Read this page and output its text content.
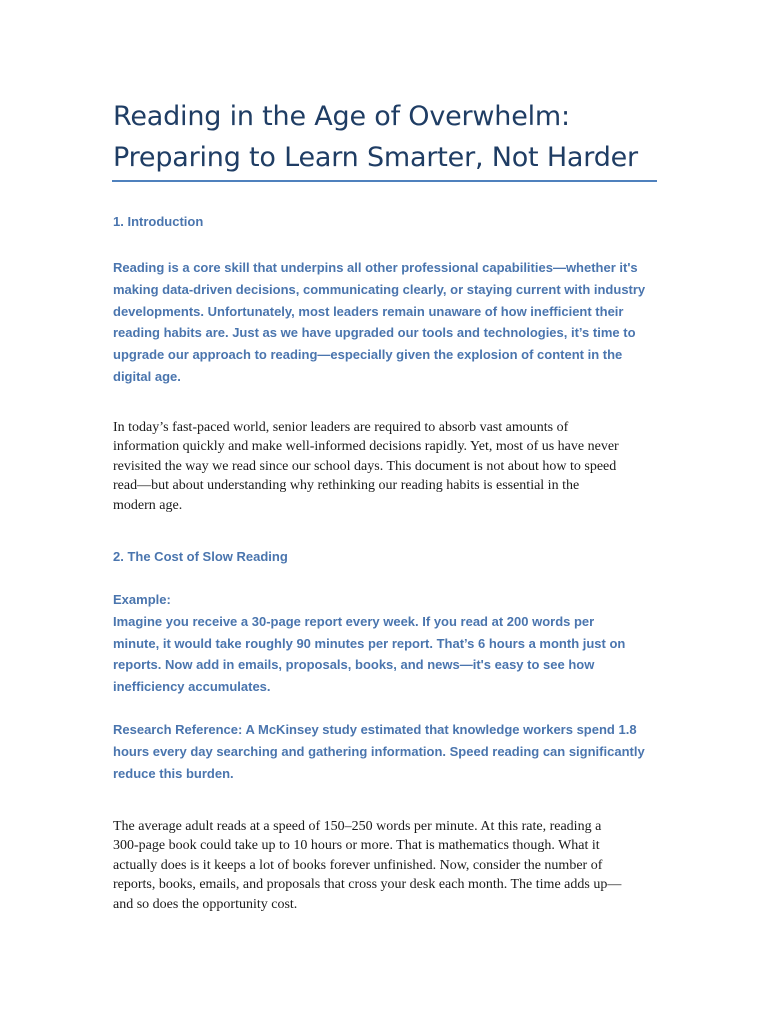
Reading in the Age of Overwhelm:
Preparing to Learn Smarter, Not Harder
1. Introduction

Reading is a core skill that underpins all other professional capabilities—whether it's
making data-driven decisions, communicating clearly, or staying current with industry
developments. Unfortunately, most leaders remain unaware of how inefficient their
reading habits are. Just as we have upgraded our tools and technologies, it’s time to
upgrade our approach to reading—especially given the explosion of content in the
digital age.

In today’s fast-paced world, senior leaders are required to absorb vast amounts of
information quickly and make well-informed decisions rapidly. Yet, most of us have never
revisited the way we read since our school days. This document is not about how to speed
read—but about understanding why rethinking our reading habits is essential in the
modern age.

2. The Cost of Slow Reading

Example:
Imagine you receive a 30-page report every week. If you read at 200 words per
minute, it would take roughly 90 minutes per report. That’s 6 hours a month just on
reports. Now add in emails, proposals, books, and news—it's easy to see how
inefficiency accumulates.

Research Reference: A McKinsey study estimated that knowledge workers spend 1.8
hours every day searching and gathering information. Speed reading can significantly
reduce this burden.

The average adult reads at a speed of 150–250 words per minute. At this rate, reading a
300-page book could take up to 10 hours or more. That is mathematics though. What it
actually does is it keeps a lot of books forever unfinished. Now, consider the number of
reports, books, emails, and proposals that cross your desk each month. The time adds up—
and so does the opportunity cost.
